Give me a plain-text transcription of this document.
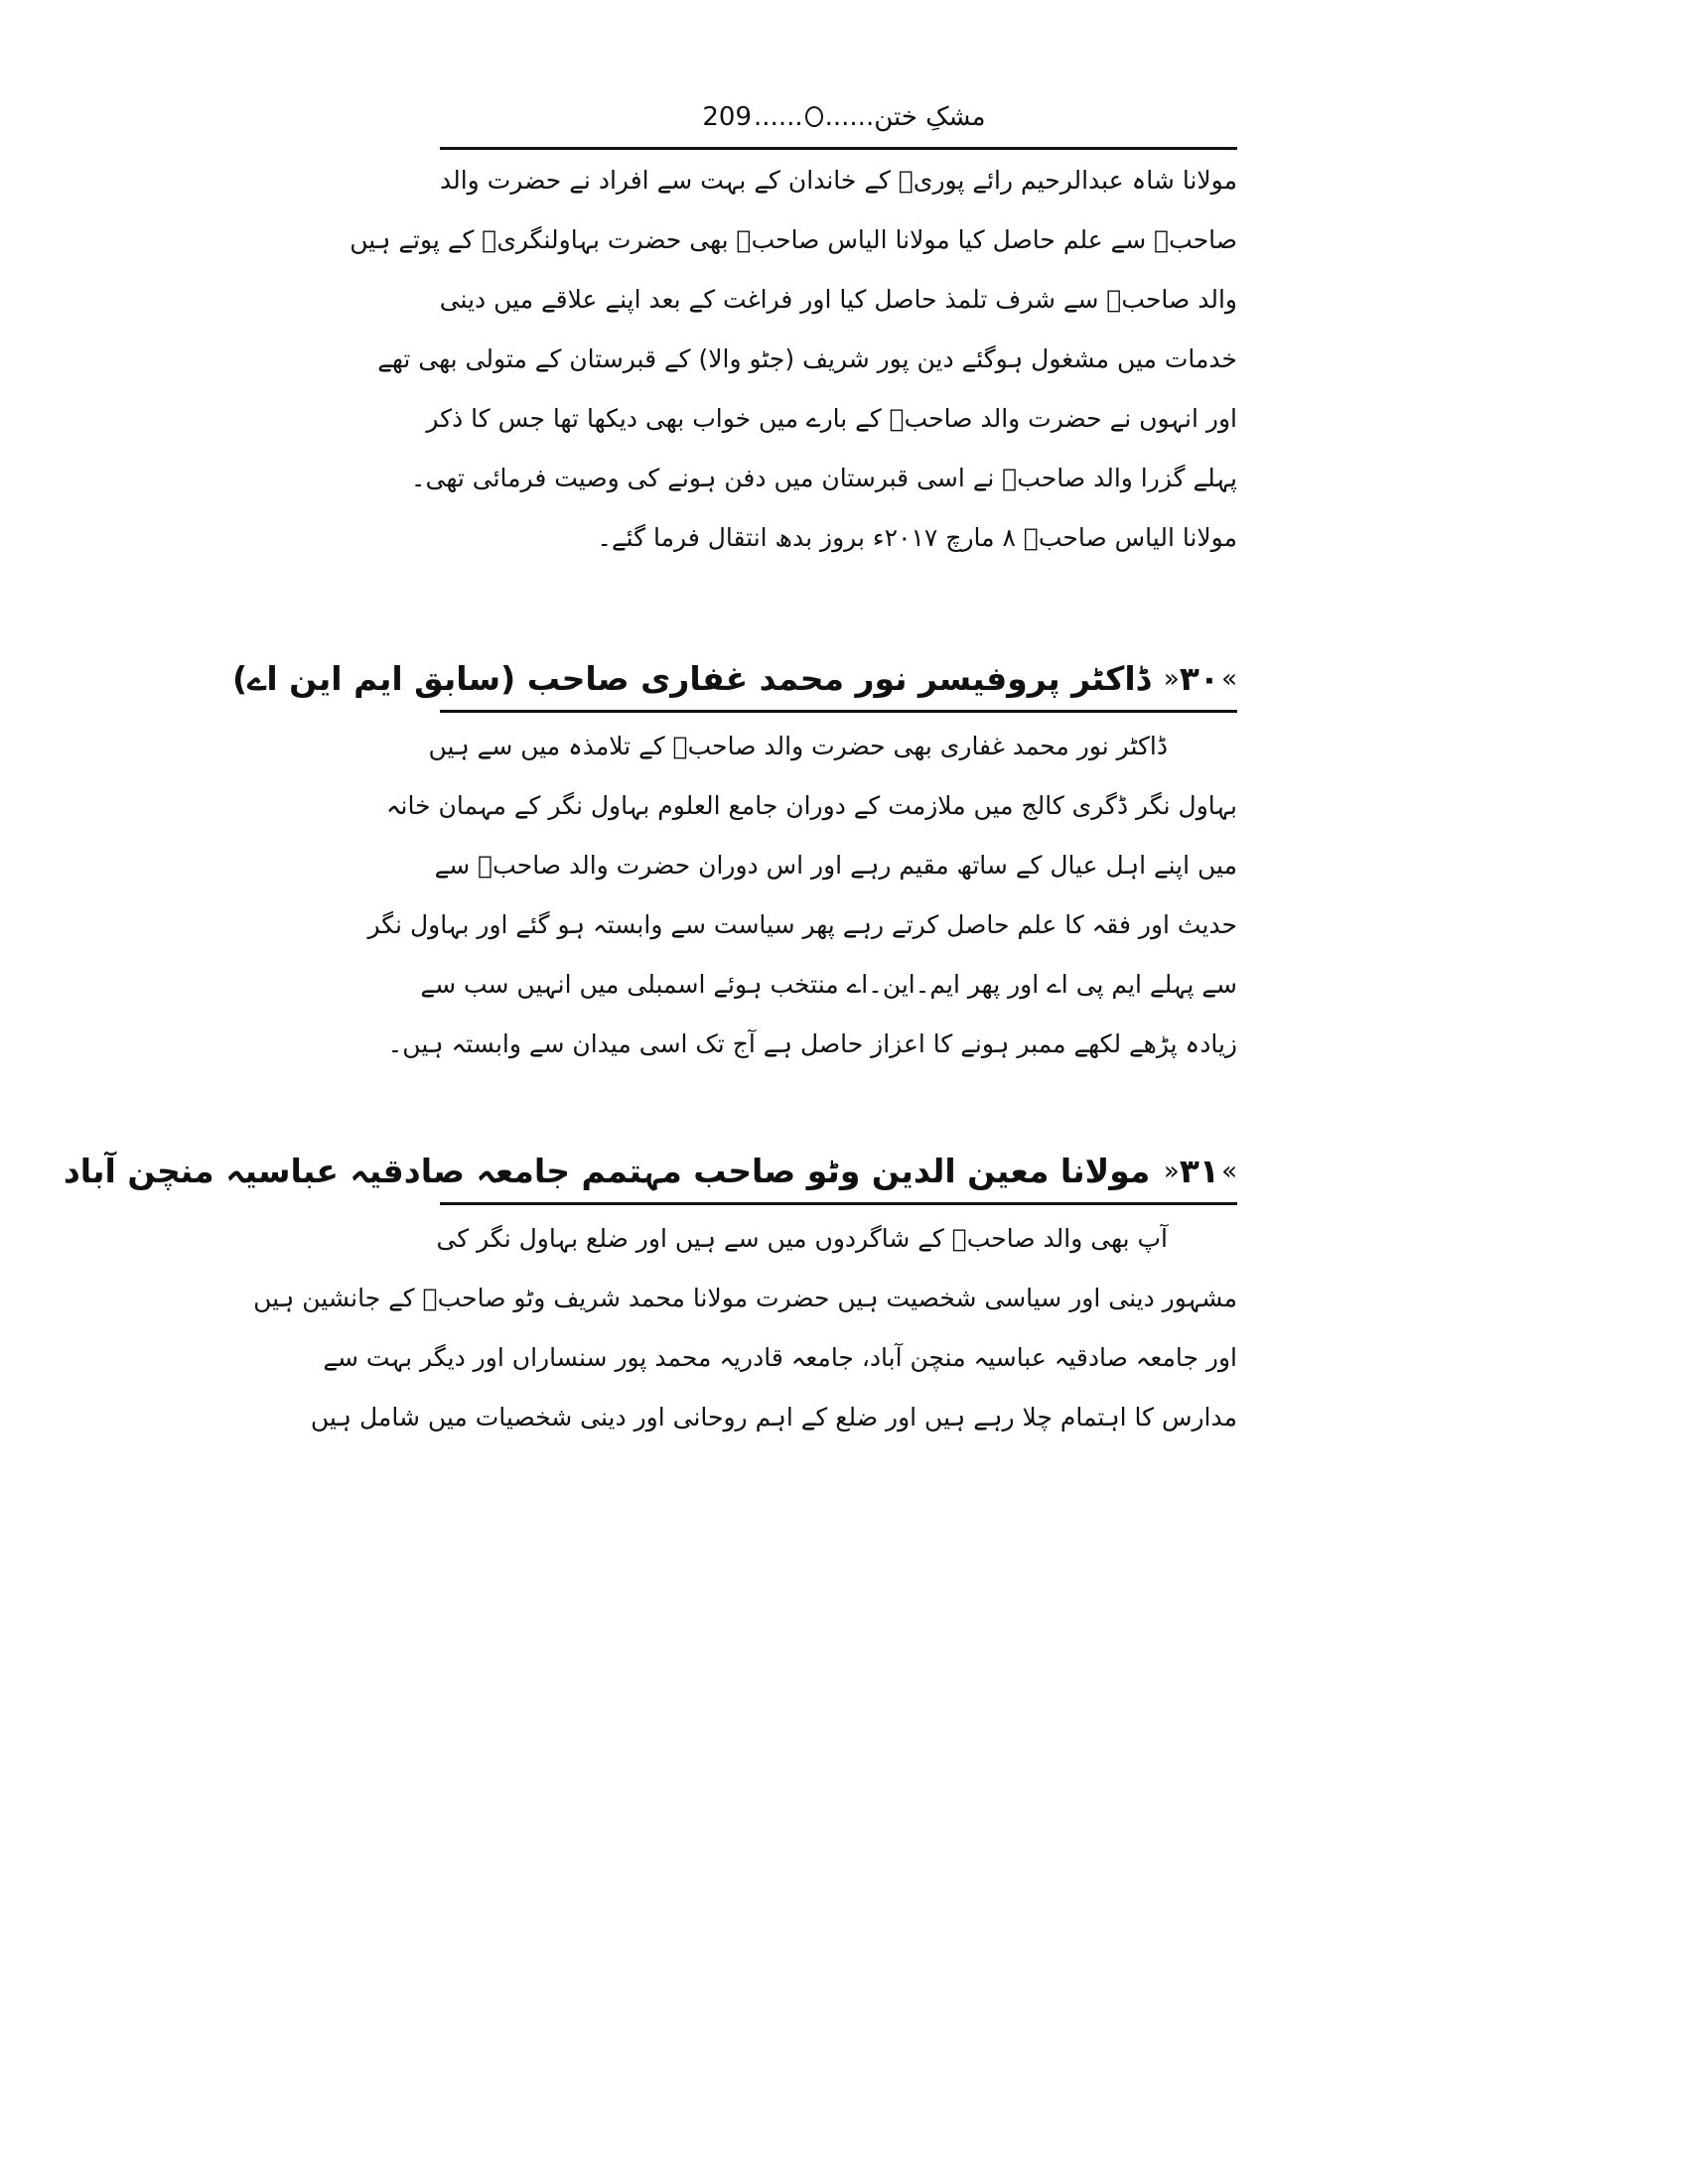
209...... ......مشکِ ختن
مولانا شاہ عبدالرحیم رائے پوریؒ کے خاندان کے بہت سے افراد نے حضرت والد
صاحبؒ سے علم حاصل کیا مولانا الیاس صاحبؒ بھی حضرت بہاولنگریؒ کے پوتے ہیں
والد صاحبؒ سے شرف تلمذ حاصل کیا اور فراغت کے بعد اپنے علاقے میں دینی
خدمات میں مشغول ہوگئے دین پور شریف (جٹو والا) کے قبرستان کے متولی بھی تھے
اور انہوں نے حضرت والد صاحبؒ کے بارے میں خواب بھی دیکھا تھا جس کا ذکر
پہلے گزرا والد صاحبؒ نے اسی قبرستان میں دفن ہونے کی وصیت فرمائی تھی۔
مولانا الیاس صاحبؒ ۸ مارچ ۲۰۱۷ء بروز بدھ انتقال فرما گئے۔
»۳۰« ڈاکٹر پروفیسر نور محمد غفاری صاحب (سابق ایم این اے)
ڈاکٹر نور محمد غفاری بھی حضرت والد صاحبؒ کے تلامذہ میں سے ہیں
بہاول نگر ڈگری کالج میں ملازمت کے دوران جامع العلوم بہاول نگر کے مہمان خانہ
میں اپنے اہل عیال کے ساتھ مقیم رہے اور اس دوران حضرت والد صاحبؒ سے
حدیث اور فقہ کا علم حاصل کرتے رہے پھر سیاست سے وابستہ ہو گئے اور بہاول نگر
سے پہلے ایم پی اے اور پھر ایم۔این۔اے منتخب ہوئے اسمبلی میں انہیں سب سے
زیادہ پڑھے لکھے ممبر ہونے کا اعزاز حاصل ہے آج تک اسی میدان سے وابستہ ہیں۔
»۳۱« مولانا معین الدین وٹو صاحب مہتمم جامعہ صادقیہ عباسیہ منچن آباد
آپ بھی والد صاحبؒ کے شاگردوں میں سے ہیں اور ضلع بہاول نگر کی
مشہور دینی اور سیاسی شخصیت ہیں حضرت مولانا محمد شریف وٹو صاحبؒ کے جانشین ہیں
اور جامعہ صادقیہ عباسیہ منچن آباد، جامعہ قادریہ محمد پور سنساراں اور دیگر بہت سے
مدارس کا اہتمام چلا رہے ہیں اور ضلع کے اہم روحانی اور دینی شخصیات میں شامل ہیں
